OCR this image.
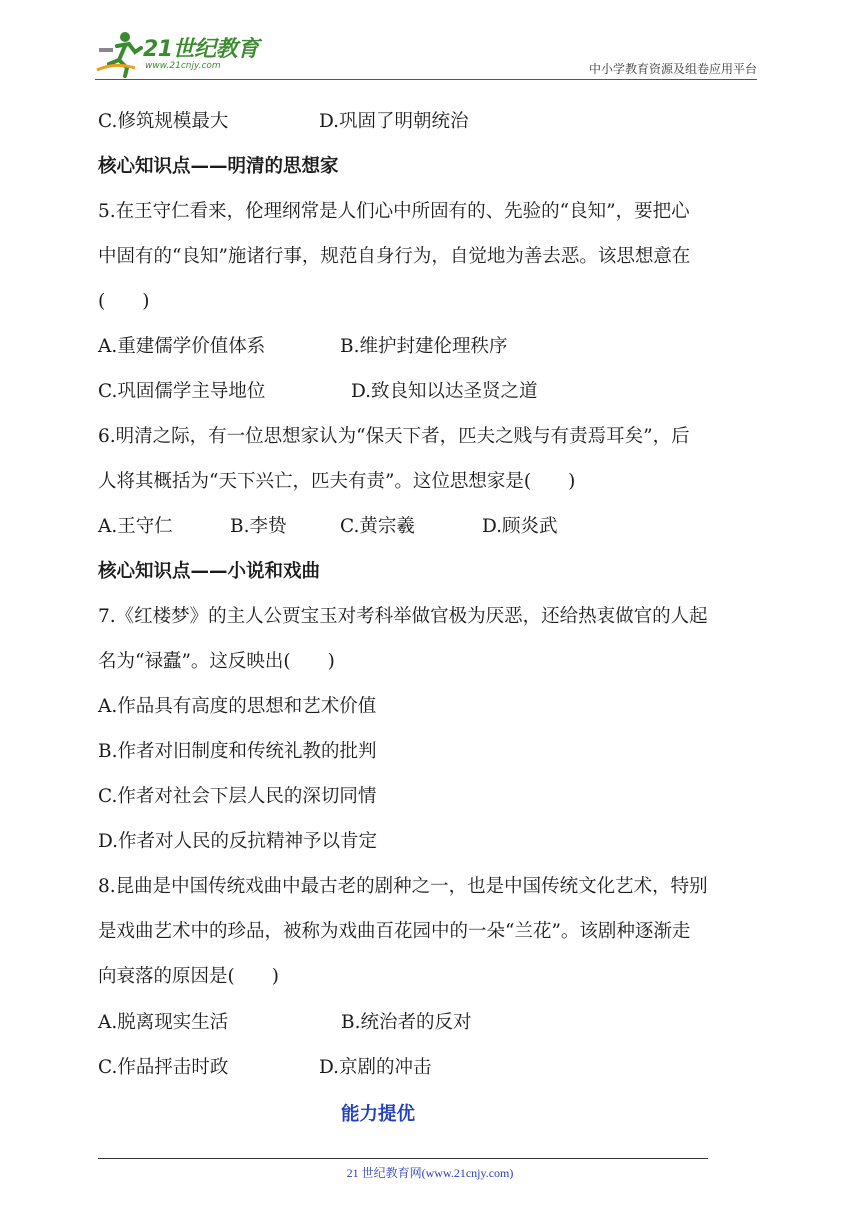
21世纪教育
www.21cnjy.com	中小学教育资源及组卷应用平台
C.修筑规模最大	D.巩固了明朝统治
核心知识点——明清的思想家
5.在王守仁看来，伦理纲常是人们心中所固有的、先验的“良知”，要把心
中固有的“良知”施诸行事，规范自身行为，自觉地为善去恶。该思想意在
(　　)
A.重建儒学价值体系	B.维护封建伦理秩序
C.巩固儒学主导地位	D.致良知以达圣贤之道
6.明清之际，有一位思想家认为“保天下者，匹夫之贱与有责焉耳矣”，后
人将其概括为“天下兴亡，匹夫有责”。这位思想家是(　　)
A.王守仁	B.李贽	C.黄宗羲	D.顾炎武
核心知识点——小说和戏曲
7.《红楼梦》的主人公贾宝玉对考科举做官极为厌恶，还给热衷做官的人起
名为“禄蠹”。这反映出(　　)
A.作品具有高度的思想和艺术价值
B.作者对旧制度和传统礼教的批判
C.作者对社会下层人民的深切同情
D.作者对人民的反抗精神予以肯定
8.昆曲是中国传统戏曲中最古老的剧种之一，也是中国传统文化艺术，特别
是戏曲艺术中的珍品，被称为戏曲百花园中的一朵“兰花”。该剧种逐渐走
向衰落的原因是(　　)
A.脱离现实生活	B.统治者的反对
C.作品抨击时政	D.京剧的冲击
能力提优
21 世纪教育网(www.21cnjy.com)
